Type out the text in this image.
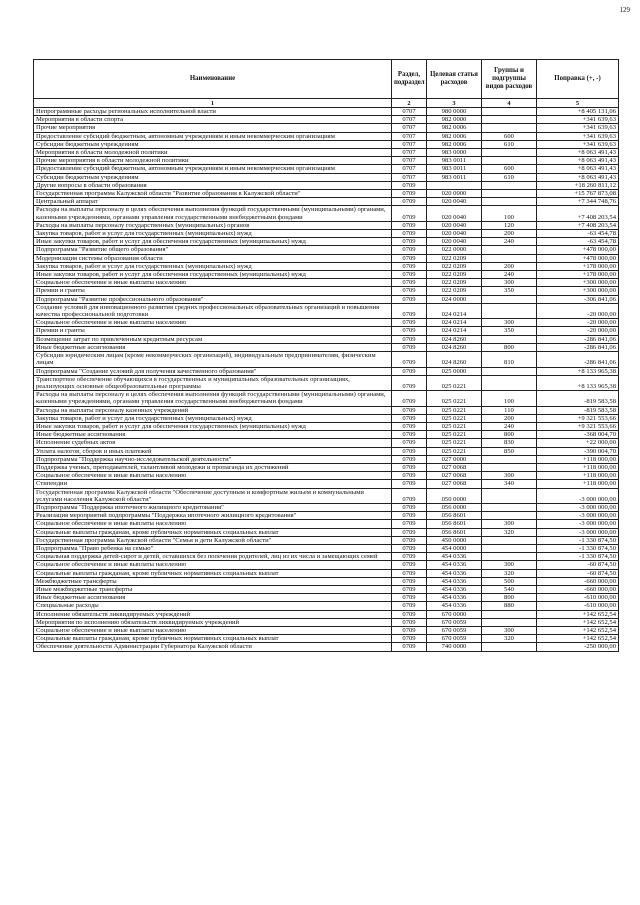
129
Наименование	Раздел, подраздел	Целевая статья расходов	Группы и подгруппы видов расходов	Поправка (+, -)
1	2	3	4	5
Непрограммные расходы региональных исполнительной власти	0707	980 0000		+8 405 131,06
Мероприятия в области спорта	0707	982 0000		+341 639,63
Прочие мероприятия	0707	982 0006		+341 639,63
Предоставление субсидий бюджетным, автономным учреждениям и иным некоммерческим организациям	0707	982 0006	600	+341 639,63
Субсидии бюджетным учреждениям	0707	982 0006	610	+341 639,63
Мероприятия в области молодежной политики	0707	983 0000		+8 063 491,43
Прочие мероприятия в области молодежной политики	0707	983 0011		+8 063 491,43
Предоставление субсидий бюджетным, автономным учреждениям и иным некоммерческим организациям	0707	983 0011	600	+8 063 491,43
Субсидии бюджетным учреждениям	0707	983 0011	610	+8 063 491,43
Другие вопросы в области образования	0709			+18 260 811,12
Государственная программа Калужской области "Развитие образования в Калужской области"	0709	020 0000		+15 767 873,08
Центральный аппарат	0709	020 0040		+7 344 748,76
Расходы на выплаты персоналу в целях обеспечения выполнения функций государственными (муниципальными) органами, казенными учреждениями, органами управления государственными внебюджетными фондами	0709	020 0040	100	+7 408 203,54
Расходы на выплаты персоналу государственных (муниципальных) органов	0709	020 0040	120	+7 408 203,54
Закупка товаров, работ и услуг для государственных (муниципальных) нужд	0709	020 0040	200	-63 454,78
Иные закупки товаров, работ и услуг для обеспечения государственных (муниципальных) нужд	0709	020 0040	240	-63 454,78
Подпрограмма "Развитие общего образования"	0709	022 0000		+478 000,00
Модернизация системы образования области	0709	022 0209		+478 000,00
Закупка товаров, работ и услуг для государственных (муниципальных) нужд	0709	022 0209	200	+178 000,00
Иные закупки товаров, работ и услуг для обеспечения государственных (муниципальных) нужд	0709	022 0209	240	+178 000,00
Социальное обеспечение и иные выплаты населению	0709	022 0209	300	+300 000,00
Премии и гранты	0709	022 0209	350	+300 000,00
Подпрограмма "Развитие профессионального образования"	0709	024 0000		-306 841,06
Создание условий для инновационного развития средних профессиональных образовательных организаций и повышения качества профессиональной подготовки	0709	024 0214		-20 000,00
Социальное обеспечение и иные выплаты населению	0709	024 0214	300	-20 000,00
Премии и гранты	0709	024 0214	350	-20 000,00
Возмещение затрат по привлеченным кредитным ресурсам	0709	024 8260		-286 841,06
Иные бюджетные ассигнования	0709	024 8260	800	-286 841,06
Субсидии юридическим лицам (кроме некоммерческих организаций), индивидуальным предпринимателям, физическим лицам	0709	024 8260	810	-286 841,06
Подпрограмма "Создание условий для получения качественного образования"	0709	025 0000		+8 133 965,38
Транспортное обеспечение обучающихся в государственных и муниципальных образовательных организациях, реализующих основные общеобразовательные программы	0709	025 0221		+8 133 965,38
Расходы на выплаты персоналу в целях обеспечения выполнения функций государственными (муниципальными) органами, казенными учреждениями, органами управления государственными внебюджетными фондами	0709	025 0221	100	-819 583,58
Расходы на выплаты персоналу казенных учреждений	0709	025 0221	110	-819 583,58
Закупка товаров, работ и услуг для государственных (муниципальных) нужд	0709	025 0221	200	+9 321 553,66
Иные закупки товаров, работ и услуг для обеспечения государственных (муниципальных) нужд	0709	025 0221	240	+9 321 553,66
Иные бюджетные ассигнования	0709	025 0221	800	-368 004,70
Исполнение судебных актов	0709	025 0221	830	+22 000,00
Уплата налогов, сборов и иных платежей	0709	025 0221	850	-390 004,70
Подпрограмма "Поддержка научно-исследовательской деятельности"	0709	027 0000		+118 000,00
Поддержка ученых, преподавателей, талантливой молодежи и пропаганда их достижений	0709	027 0068		+118 000,00
Социальное обеспечение и иные выплаты населению	0709	027 0068	300	+118 000,00
Стипендии	0709	027 0068	340	+118 000,00
Государственная программа Калужской области "Обеспечение доступным и комфортным жильем и коммунальными услугами населения Калужской области"	0709	050 0000		-3 000 000,00
Подпрограмма "Поддержка ипотечного жилищного кредитования"	0709	056 0000		-3 000 000,00
Реализация мероприятий подпрограммы "Поддержка ипотечного жилищного кредитования"	0709	056 8601		-3 000 000,00
Социальное обеспечение и иные выплаты населению	0709	056 8601	300	-3 000 000,00
Социальные выплаты гражданам, кроме публичных нормативных социальных выплат	0709	056 8601	320	-3 000 000,00
Государственная программа Калужской области "Семья и дети Калужской области"	0709	450 0000		-1 330 874,50
Подпрограмма "Право ребенка на семью"	0709	454 0000		-1 330 874,50
Социальная поддержка детей-сирот и детей, оставшихся без попечения родителей, лиц из их числа и замещающих семей	0709	454 0336		-1 330 874,50
Социальное обеспечение и иные выплаты населению	0709	454 0336	300	-60 874,50
Социальные выплаты гражданам, кроме публичных нормативных социальных выплат	0709	454 0336	320	-60 874,50
Межбюджетные трансферты	0709	454 0336	500	-660 000,00
Иные межбюджетные трансферты	0709	454 0336	540	-660 000,00
Иные бюджетные ассигнования	0709	454 0336	800	-610 000,00
Специальные расходы	0709	454 0336	880	-610 000,00
Исполнение обязательств ликвидируемых учреждений	0709	670 0000		+142 652,54
Мероприятия по исполнению обязательств ликвидируемых учреждений	0709	670 0059		+142 652,54
Социальное обеспечение и иные выплаты населению	0709	670 0059	300	+142 652,54
Социальные выплаты гражданам, кроме публичных нормативных социальных выплат	0709	670 0059	320	+142 652,54
Обеспечение деятельности Администрации Губернатора Калужской области	0709	740 0000		-250 000,00
